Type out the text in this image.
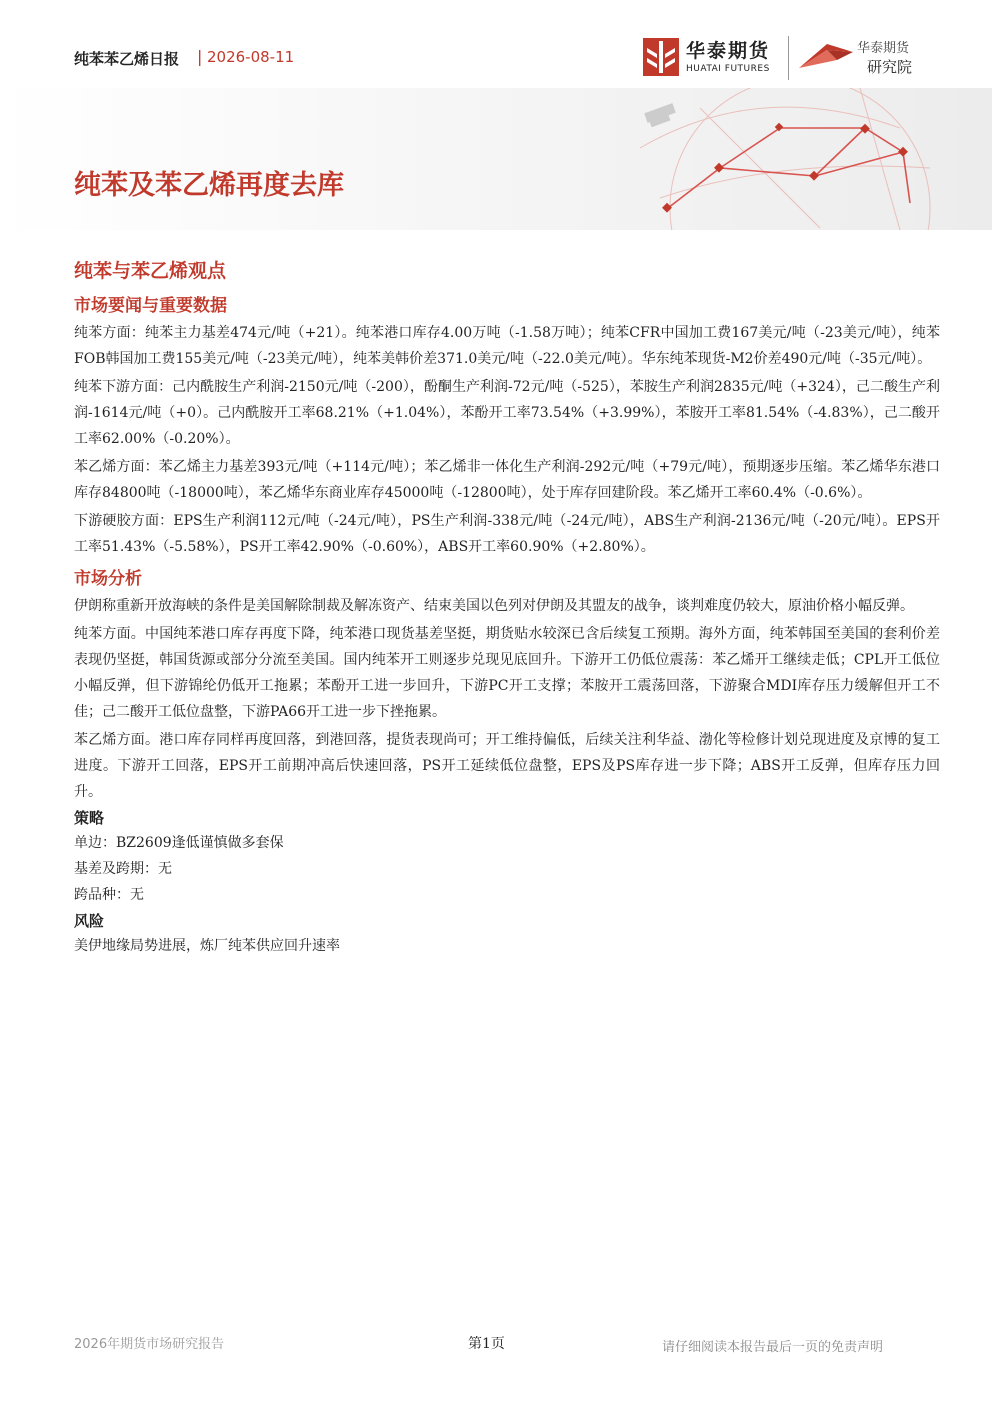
纯苯苯乙烯日报 | 2026-08-11	华泰期货
HUATAI FUTURES
华泰期货
研究院
纯苯及苯乙烯再度去库
纯苯与苯乙烯观点
市场要闻与重要数据

纯苯方面：纯苯主力基差474元/吨（+21）。纯苯港口库存4.00万吨（-1.58万吨）；纯苯CFR中国加工费167美元/吨（-23美元/吨），纯苯FOB韩国加工费155美元/吨（-23美元/吨），纯苯美韩价差371.0美元/吨（-22.0美元/吨）。华东纯苯现货-M2价差490元/吨（-35元/吨）。

纯苯下游方面：己内酰胺生产利润-2150元/吨（-200），酚酮生产利润-72元/吨（-525），苯胺生产利润2835元/吨（+324），己二酸生产利润-1614元/吨（+0）。己内酰胺开工率68.21%（+1.04%），苯酚开工率73.54%（+3.99%），苯胺开工率81.54%（-4.83%），己二酸开工率62.00%（-0.20%）。

苯乙烯方面：苯乙烯主力基差393元/吨（+114元/吨）；苯乙烯非一体化生产利润-292元/吨（+79元/吨），预期逐步压缩。苯乙烯华东港口库存84800吨（-18000吨），苯乙烯华东商业库存45000吨（-12800吨），处于库存回建阶段。苯乙烯开工率60.4%（-0.6%）。

下游硬胶方面：EPS生产利润112元/吨（-24元/吨），PS生产利润-338元/吨（-24元/吨），ABS生产利润-2136元/吨（-20元/吨）。EPS开工率51.43%（-5.58%），PS开工率42.90%（-0.60%），ABS开工率60.90%（+2.80%）。

市场分析

伊朗称重新开放海峡的条件是美国解除制裁及解冻资产、结束美国以色列对伊朗及其盟友的战争，谈判难度仍较大，原油价格小幅反弹。

纯苯方面。中国纯苯港口库存再度下降，纯苯港口现货基差坚挺，期货贴水较深已含后续复工预期。海外方面，纯苯韩国至美国的套利价差表现仍坚挺，韩国货源或部分分流至美国。国内纯苯开工则逐步兑现见底回升。下游开工仍低位震荡：苯乙烯开工继续走低；CPL开工低位小幅反弹，但下游锦纶仍低开工拖累；苯酚开工进一步回升，下游PC开工支撑；苯胺开工震荡回落，下游聚合MDI库存压力缓解但开工不佳；己二酸开工低位盘整，下游PA66开工进一步下挫拖累。

苯乙烯方面。港口库存同样再度回落，到港回落，提货表现尚可；开工维持偏低，后续关注利华益、渤化等检修计划兑现进度及京博的复工进度。下游开工回落，EPS开工前期冲高后快速回落，PS开工延续低位盘整，EPS及PS库存进一步下降；ABS开工反弹，但库存压力回升。

策略

单边：BZ2609逢低谨慎做多套保

基差及跨期：无

跨品种：无

风险

美伊地缘局势进展，炼厂纯苯供应回升速率

2026年期货市场研究报告	第1页	请仔细阅读本报告最后一页的免责声明
